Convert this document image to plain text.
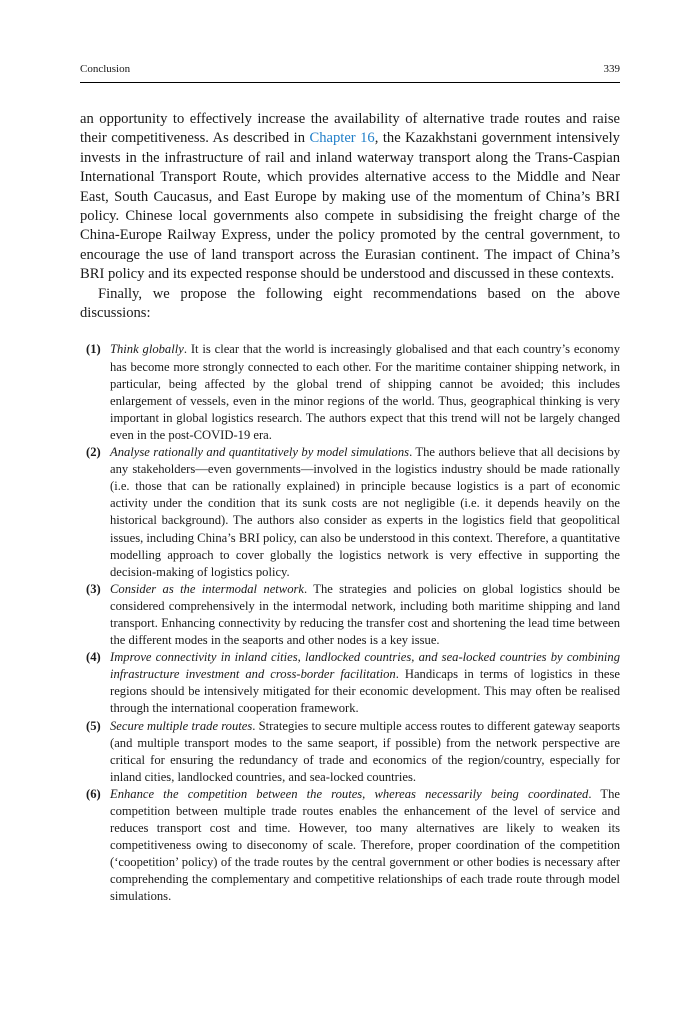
Conclusion	339

an opportunity to effectively increase the availability of alternative trade routes and raise their competitiveness. As described in Chapter 16, the Kazakhstani government intensively invests in the infrastructure of rail and inland waterway transport along the Trans-Caspian International Transport Route, which provides alternative access to the Middle and Near East, South Caucasus, and East Europe by making use of the momentum of China’s BRI policy. Chinese local governments also compete in subsidising the freight charge of the China-Europe Railway Express, under the policy promoted by the central government, to encourage the use of land transport across the Eurasian continent. The impact of China’s BRI policy and its expected response should be understood and discussed in these contexts.

Finally, we propose the following eight recommendations based on the above discussions:

(1) Think globally. It is clear that the world is increasingly globalised and that each country’s economy has become more strongly connected to each other. For the maritime container shipping network, in particular, being affected by the global trend of shipping cannot be avoided; this includes enlargement of vessels, even in the minor regions of the world. Thus, geographical thinking is very important in global logistics research. The authors expect that this trend will not be largely changed even in the post-COVID-19 era.
(2) Analyse rationally and quantitatively by model simulations. The authors believe that all decisions by any stakeholders—even governments—involved in the logistics industry should be made rationally (i.e. those that can be rationally explained) in principle because logistics is a part of economic activity under the condition that its sunk costs are not negligible (i.e. it depends heavily on the historical background). The authors also consider as experts in the logistics field that geopolitical issues, including China’s BRI policy, can also be understood in this context. Therefore, a quantitative modelling approach to cover globally the logistics network is very effective in supporting the decision-making of logistics policy.
(3) Consider as the intermodal network. The strategies and policies on global logistics should be considered comprehensively in the intermodal network, including both maritime shipping and land transport. Enhancing connectivity by reducing the transfer cost and shortening the lead time between the different modes in the seaports and other nodes is a key issue.
(4) Improve connectivity in inland cities, landlocked countries, and sea-locked countries by combining infrastructure investment and cross-border facilitation. Handicaps in terms of logistics in these regions should be intensively mitigated for their economic development. This may often be realised through the international cooperation framework.
(5) Secure multiple trade routes. Strategies to secure multiple access routes to different gateway seaports (and multiple transport modes to the same seaport, if possible) from the network perspective are critical for ensuring the redundancy of trade and economics of the region/country, especially for inland cities, landlocked countries, and sea-locked countries.
(6) Enhance the competition between the routes, whereas necessarily being coordinated. The competition between multiple trade routes enables the enhancement of the level of service and reduces transport cost and time. However, too many alternatives are likely to weaken its competitiveness owing to diseconomy of scale. Therefore, proper coordination of the competition (‘coopetition’ policy) of the trade routes by the central government or other bodies is necessary after comprehending the complementary and competitive relationships of each trade route through model simulations.
